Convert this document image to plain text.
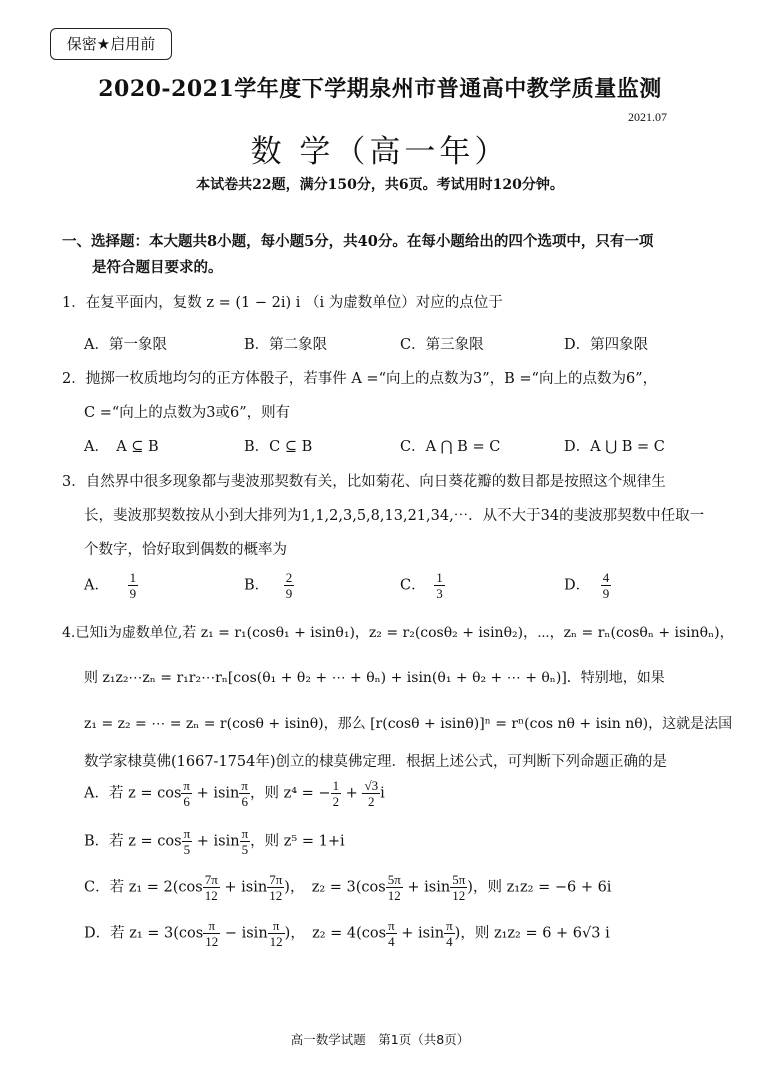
保密★启用前
2020-2021学年度下学期泉州市普通高中教学质量监测
2021.07
数 学（高一年）
本试卷共22题，满分150分，共6页。考试用时120分钟。
一、选择题：本大题共8小题，每小题5分，共40分。在每小题给出的四个选项中，只有一项
是符合题目要求的。
1．在复平面内，复数 z = (1 − 2i) i （i 为虚数单位）对应的点位于
A．第一象限	B．第二象限	C．第三象限	D．第四象限
2．抛掷一枚质地均匀的正方体骰子，若事件 A =“向上的点数为3”，B =“向上的点数为6”，
C =“向上的点数为3或6”，则有
A．　A ⊆ B	B．C ⊆ B	C．A ⋂ B = C	D．A ⋃ B = C
3．自然界中很多现象都与斐波那契数有关，比如菊花、向日葵花瓣的数目都是按照这个规律生
长，斐波那契数按从小到大排列为1,1,2,3,5,8,13,21,34,⋯．从不大于34的斐波那契数中任取一
个数字，恰好取到偶数的概率为
A． $\frac{1}{9}$	B． $\frac{2}{9}$	C． $\frac{1}{3}$	D． $\frac{4}{9}$
4.已知i为虚数单位,若 z₁ = r₁(cosθ₁ + isinθ₁)，z₂ = r₂(cosθ₂ + isinθ₂)，⋯，zₙ = rₙ(cosθₙ + isinθₙ)，
则 z₁z₂⋯zₙ = r₁r₂⋯rₙ[cos(θ₁ + θ₂ + ⋯ + θₙ) + isin(θ₁ + θ₂ + ⋯ + θₙ)]．特别地，如果
z₁ = z₂ = ⋯ = zₙ = r(cosθ + isinθ)，那么 [r(cosθ + isinθ)]ⁿ = rⁿ(cos nθ + isin nθ)，这就是法国
数学家棣莫佛(1667-1754年)创立的棣莫佛定理．根据上述公式，可判断下列命题正确的是
A．若 $z = \cos \frac{\pi}{6} + isin \frac{\pi}{6}$ ，则 z⁴ = − $\frac{1}{2} + \frac{√3}{2}$ i
B．若 $z = \cos \frac{\pi}{5} + isin \frac{\pi}{5}$ ，则 z⁵ = 1+i
C．若 $z_1 = 2(\cos \frac{7\pi}{12} + isin \frac{7\pi}{12}$ )，　$z_2 = 3(\cos \frac{5\pi}{12} + isin \frac{5\pi}{12}$ )，则 z₁z₂ = −6 + 6i
D．若 $z_1 = 3(\cos \frac{\pi}{12} - isin \frac{\pi}{12}$ )，　$z_2 = 4(\cos \frac{\pi}{4} + isin \frac{\pi}{4}$ )，则 z₁z₂ = 6 + 6√3 i
高一数学试题　第1页（共8页）
